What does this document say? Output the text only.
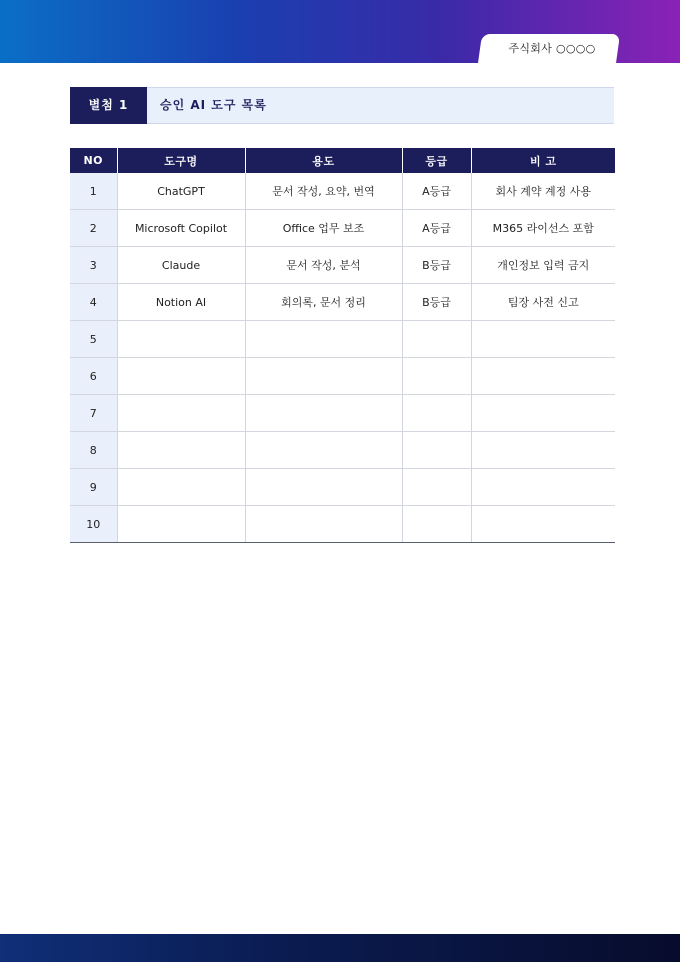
주식회사 ○○○○
별첨 1	승인 AI 도구 목록
NO	도구명	용도	등급	비 고
1	ChatGPT	문서 작성, 요약, 번역	A등급	회사 계약 계정 사용
2	Microsoft Copilot	Office 업무 보조	A등급	M365 라이선스 포함
3	Claude	문서 작성, 분석	B등급	개인정보 입력 금지
4	Notion AI	회의록, 문서 정리	B등급	팀장 사전 신고
5				
6				
7				
8				
9				
10				
